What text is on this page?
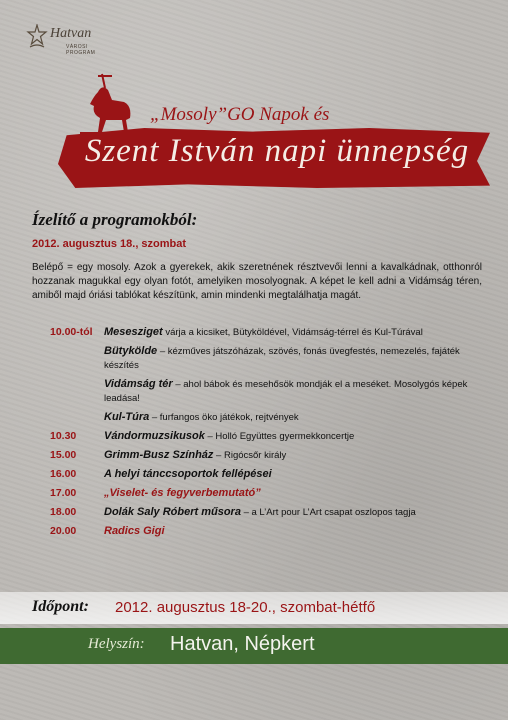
Hatvan
VÁROSI PROGRAM
„Mosoly”GO Napok és
Szent István napi ünnepség
Ízelítő a programokból:
2012. augusztus 18., szombat
Belépő = egy mosoly. Azok a gyerekek, akik szeretnének résztvevői lenni a kavalkádnak, otthonról hozzanak magukkal egy olyan fotót, amelyiken mosolyognak. A képet le kell adni a Vidámság téren, amiből majd óriási tablókat készítünk, amin mindenki megtalálhatja magát.
10.00-tól	Mesesziget várja a kicsiket, Bütyköldével, Vidámság-térrel és Kul-Túrával
Bütykölde – kézműves játszóházak, szövés, fonás üvegfestés, nemezelés, fajáték készítés
Vidámság tér – ahol bábok és mesehősök mondják el a meséket. Mosolygós képek leadása!
Kul-Túra – furfangos öko játékok, rejtvények
10.30	Vándormuzsikusok – Holló Együttes gyermekkoncertje
15.00	Grimm-Busz Színház – Rigócsőr király
16.00	A helyi tánccsoportok fellépései
17.00	„Viselet- és fegyverbemutató”
18.00	Dolák Saly Róbert műsora – a L’Art pour L’Art csapat oszlopos tagja
20.00	Radics Gigi
Időpont: 2012. augusztus 18-20., szombat-hétfő
Helyszín: Hatvan, Népkert
